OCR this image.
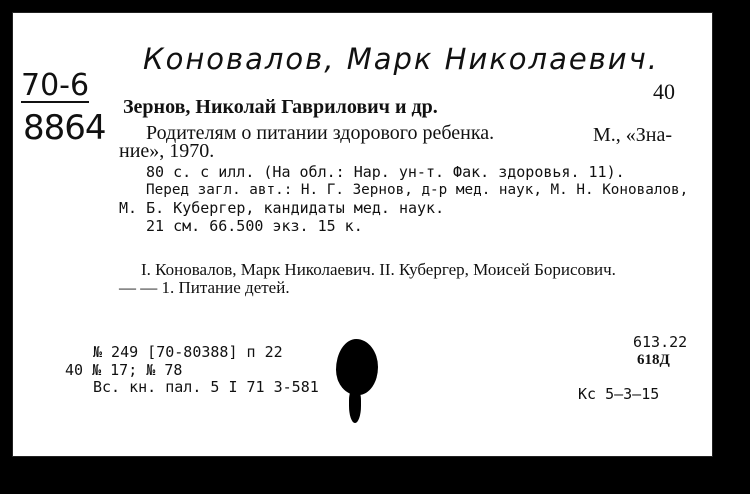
Коновалов, Марк Николаевич.
70-6
8864
40
Зернов, Николай Гаврилович и др.
Родителям о питании здорового ребенка.	М., «Зна-
ние», 1970.
80 с. с илл. (На обл.: Нар. ун-т. Фак. здоровья. 11).
Перед загл. авт.: Н. Г. Зернов, д-р мед. наук, М. Н. Коновалов,
М. Б. Кубергер, кандидаты мед. наук.
21 см. 66.500 экз. 15 к.
I. Коновалов, Марк Николаевич. II. Кубергер, Моисей Борисович.
— — 1. Питание детей.
№ 249 [70-80388] п 22
40 № 17; № 78
Вс. кн. пал. 5 I 71 3-581
613.22
618Д
Кс 5—3—15
